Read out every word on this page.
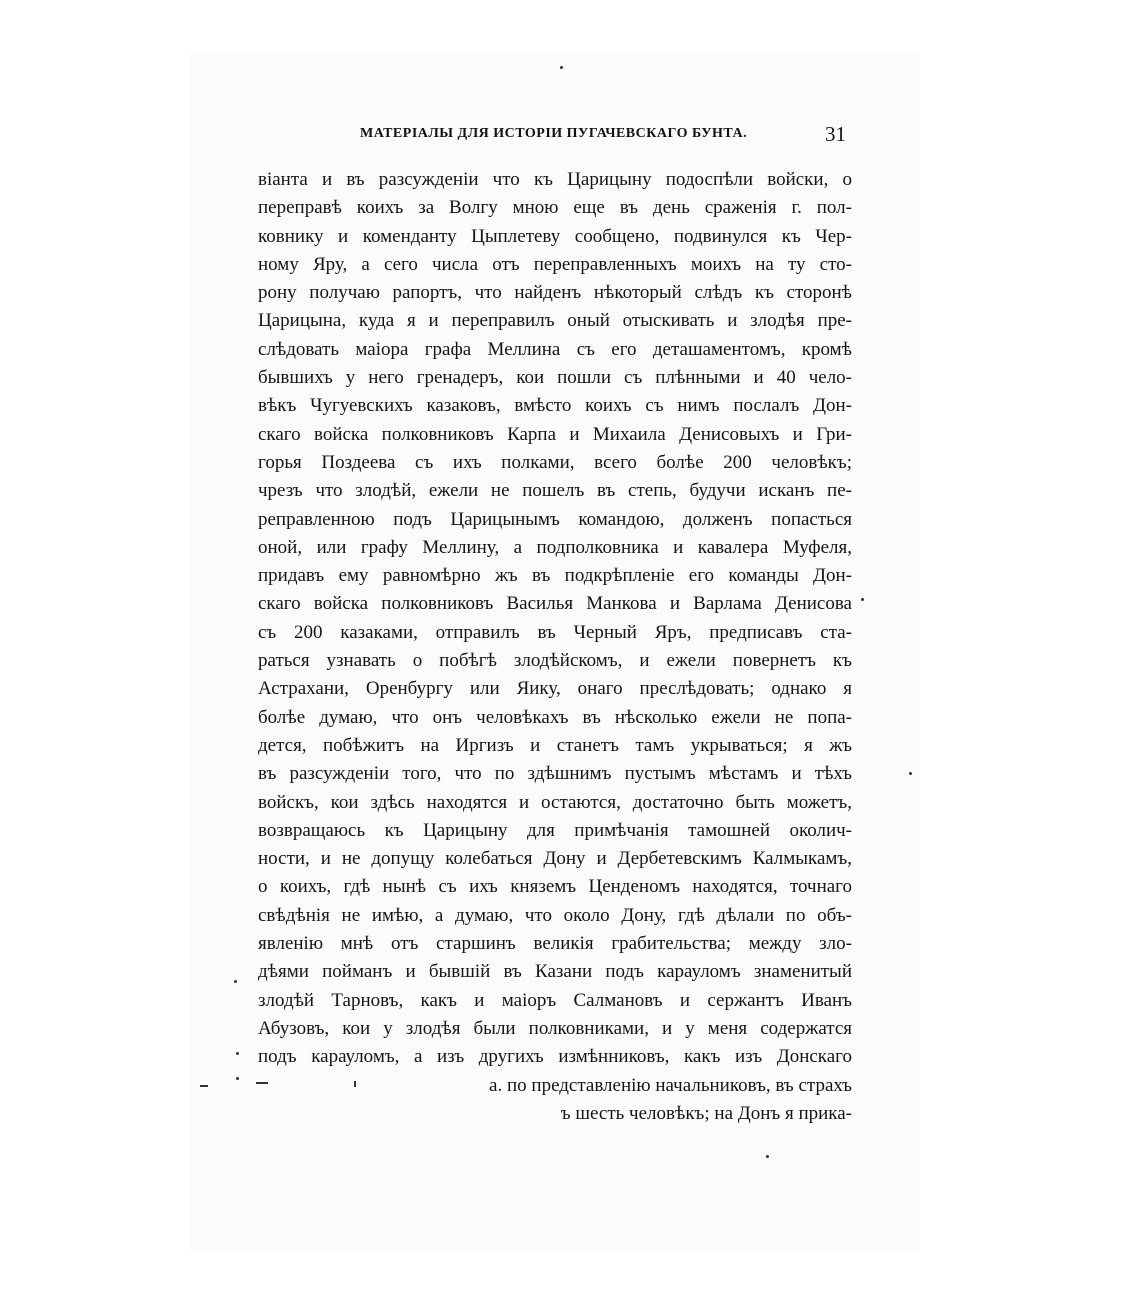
МАТЕРІАЛЫ ДЛЯ ИСТОРІИ ПУГАЧЕВСКАГО БУНТА.	31
віанта и въ разсужденіи что къ Царицыну подоспѣли войски, о
переправѣ коихъ за Волгу мною еще въ день сраженія г. пол-
ковнику и коменданту Цыплетеву сообщено, подвинулся къ Чер-
ному Яру, а сего числа отъ переправленныхъ моихъ на ту сто-
рону получаю рапортъ, что найденъ нѣкоторый слѣдъ къ сторонѣ
Царицына, куда я и переправилъ оный отыскивать и злодѣя пре-
слѣдовать маіора графа Меллина съ его деташаментомъ, кромѣ
бывшихъ у него гренадеръ, кои пошли съ плѣнными и 40 чело-
вѣкъ Чугуевскихъ казаковъ, вмѣсто коихъ съ нимъ послалъ Дон-
скаго войска полковниковъ Карпа и Михаила Денисовыхъ и Гри-
горья Поздеева съ ихъ полками, всего болѣе 200 человѣкъ;
чрезъ что злодѣй, ежели не пошелъ въ степь, будучи исканъ пе-
реправленною подъ Царицынымъ командою, долженъ попасться
оной, или графу Меллину, а подполковника и кавалера Муфеля,
придавъ ему равномѣрно жъ въ подкрѣпленіе его команды Дон-
скаго войска полковниковъ Василья Манкова и Варлама Денисова
съ 200 казаками, отправилъ въ Черный Яръ, предписавъ ста-
раться узнавать о побѣгѣ злодѣйскомъ, и ежели повернетъ къ
Астрахани, Оренбургу или Яику, онаго преслѣдовать; однако я
болѣе думаю, что онъ человѣкахъ въ нѣсколько ежели не попа-
дется, побѣжитъ на Иргизъ и станетъ тамъ укрываться; я жъ
въ разсужденіи того, что по здѣшнимъ пустымъ мѣстамъ и тѣхъ
войскъ, кои здѣсь находятся и остаются, достаточно быть можетъ,
возвращаюсь къ Царицыну для примѣчанія тамошней околич-
ности, и не допущу колебаться Дону и Дербетевскимъ Калмыкамъ,
о коихъ, гдѣ нынѣ съ ихъ княземъ Ценденомъ находятся, точнаго
свѣдѣнія не имѣю, а думаю, что около Дону, гдѣ дѣлали по объ-
явленію мнѣ отъ старшинъ великія грабительства; между зло-
дѣями пойманъ и бывшій въ Казани подъ карауломъ знаменитый
злодѣй Тарновъ, какъ и маіоръ Салмановъ и сержантъ Иванъ
Абузовъ, кои у злодѣя были полковниками, и у меня содержатся
подъ карауломъ, а изъ другихъ измѣнниковъ, какъ изъ Донскаго
а. по представленію начальниковъ, въ страхъ
ъ шесть человѣкъ; на Донъ я прика-
